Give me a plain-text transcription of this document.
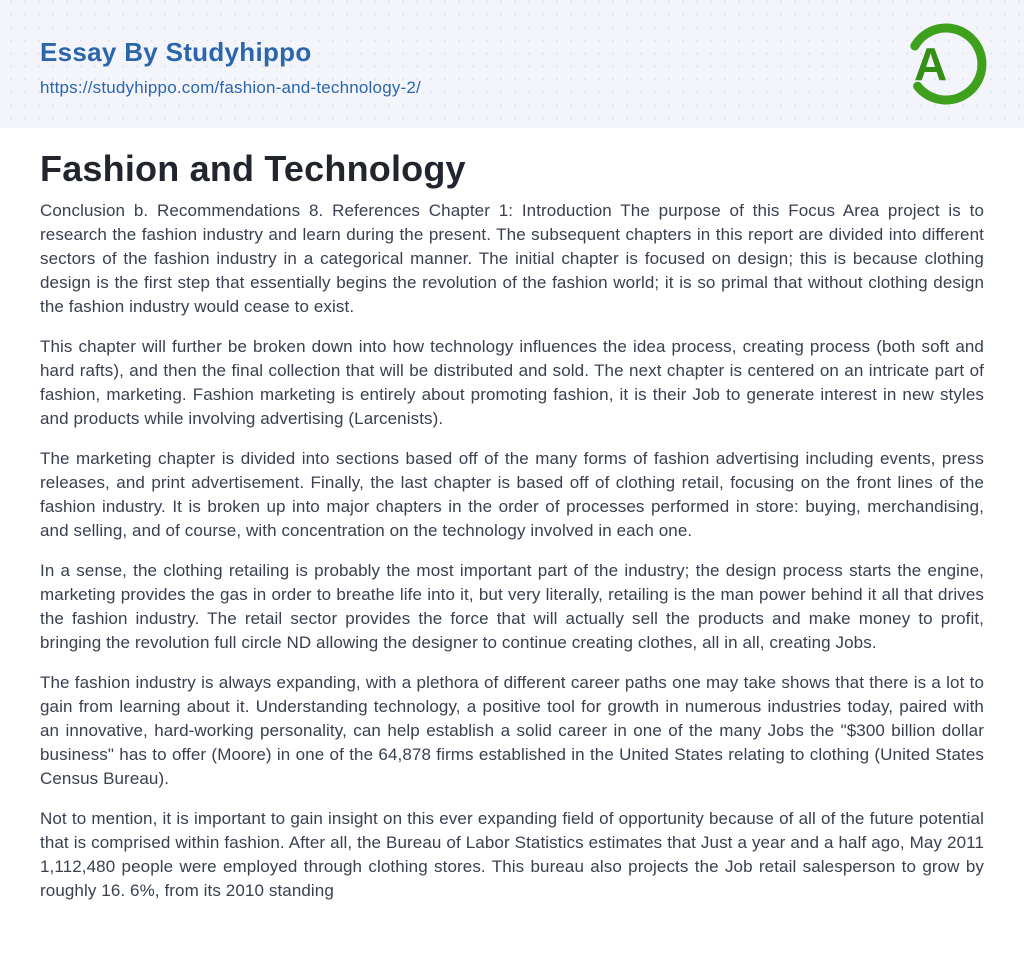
Essay By Studyhippo
https://studyhippo.com/fashion-and-technology-2/	A
Fashion and Technology

Conclusion b. Recommendations 8. References Chapter 1: Introduction The purpose of this Focus Area project is to research the fashion industry and learn during the present. The subsequent chapters in this report are divided into different sectors of the fashion industry in a categorical manner. The initial chapter is focused on design; this is because clothing design is the first step that essentially begins the revolution of the fashion world; it is so primal that without clothing design the fashion industry would cease to exist.

This chapter will further be broken down into how technology influences the idea process, creating process (both soft and hard rafts), and then the final collection that will be distributed and sold. The next chapter is centered on an intricate part of fashion, marketing. Fashion marketing is entirely about promoting fashion, it is their Job to generate interest in new styles and products while involving advertising (Larcenists).

The marketing chapter is divided into sections based off of the many forms of fashion advertising including events, press releases, and print advertisement. Finally, the last chapter is based off of clothing retail, focusing on the front lines of the fashion industry. It is broken up into major chapters in the order of processes performed in store: buying, merchandising, and selling, and of course, with concentration on the technology involved in each one.

In a sense, the clothing retailing is probably the most important part of the industry; the design process starts the engine, marketing provides the gas in order to breathe life into it, but very literally, retailing is the man power behind it all that drives the fashion industry. The retail sector provides the force that will actually sell the products and make money to profit, bringing the revolution full circle ND allowing the designer to continue creating clothes, all in all, creating Jobs.

The fashion industry is always expanding, with a plethora of different career paths one may take shows that there is a lot to gain from learning about it. Understanding technology, a positive tool for growth in numerous industries today, paired with an innovative, hard-working personality, can help establish a solid career in one of the many Jobs the "$300 billion dollar business" has to offer (Moore) in one of the 64,878 firms established in the United States relating to clothing (United States Census Bureau).

Not to mention, it is important to gain insight on this ever expanding field of opportunity because of all of the future potential that is comprised within fashion. After all, the Bureau of Labor Statistics estimates that Just a year and a half ago, May 2011 1,112,480 people were employed through clothing stores. This bureau also projects the Job retail salesperson to grow by roughly 16. 6%, from its 2010 standing
